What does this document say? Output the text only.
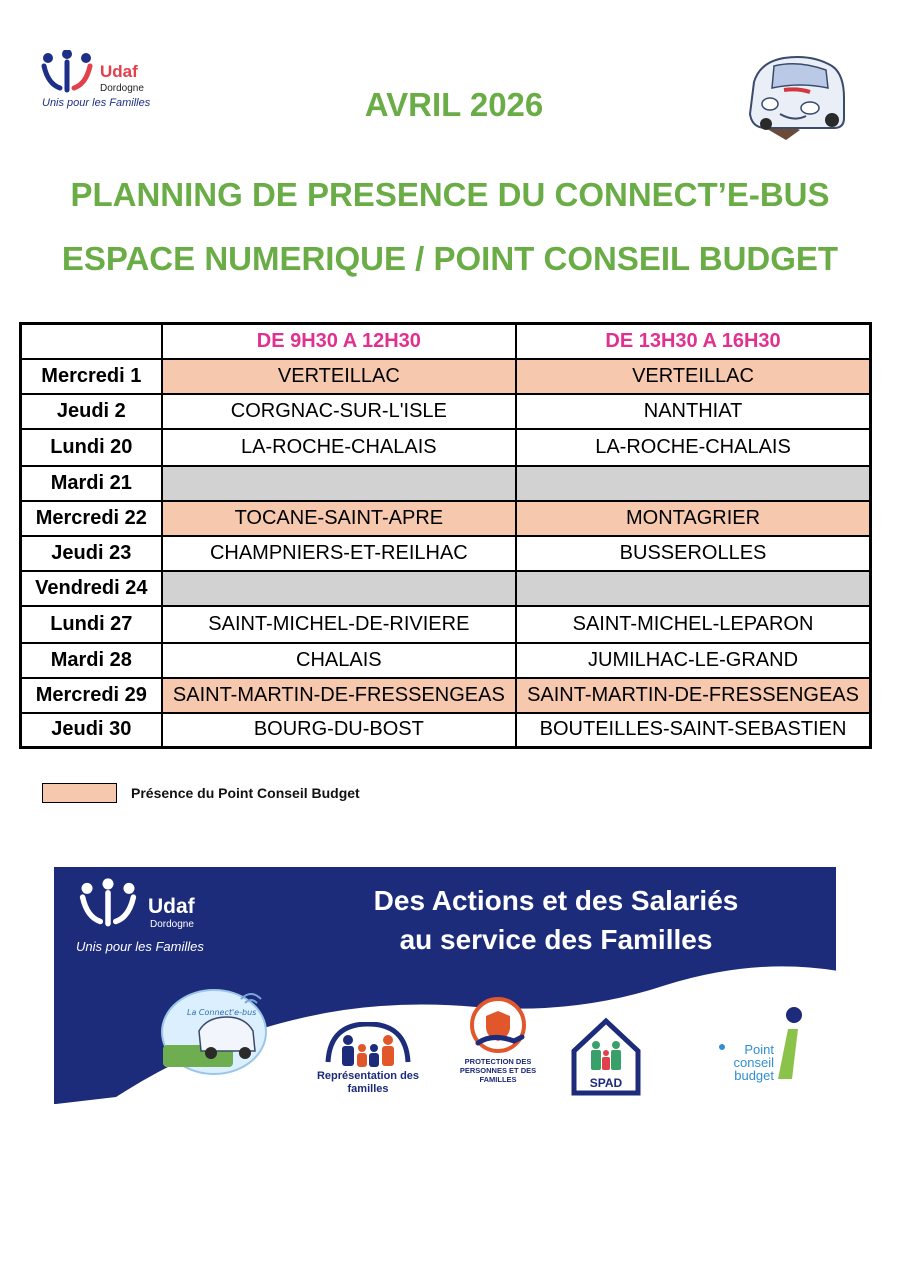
Udaf
Dordogne
Unis pour les Familles	AVRIL 2026
PLANNING DE PRESENCE DU CONNECT’E-BUS
ESPACE NUMERIQUE / POINT CONSEIL BUDGET
	DE 9H30 A 12H30	DE 13H30 A 16H30
Mercredi 1	VERTEILLAC	VERTEILLAC
Jeudi 2	CORGNAC-SUR-L'ISLE	NANTHIAT
Lundi 20	LA-ROCHE-CHALAIS	LA-ROCHE-CHALAIS
Mardi 21		
Mercredi 22	TOCANE-SAINT-APRE	MONTAGRIER
Jeudi 23	CHAMPNIERS-ET-REILHAC	BUSSEROLLES
Vendredi 24		
Lundi 27	SAINT-MICHEL-DE-RIVIERE	SAINT-MICHEL-LEPARON
Mardi 28	CHALAIS	JUMILHAC-LE-GRAND
Mercredi 29	SAINT-MARTIN-DE-FRESSENGEAS	SAINT-MARTIN-DE-FRESSENGEAS
Jeudi 30	BOURG-DU-BOST	BOUTEILLES-SAINT-SEBASTIEN
Présence du Point Conseil Budget
Udaf
Dordogne
Unis pour les Familles
Des Actions et des Salariés
au service des Familles
La Connect'e-bus
Représentation des familles
PROTECTION DES PERSONNES ET DES FAMILLES	SPAD
Point conseil budget
